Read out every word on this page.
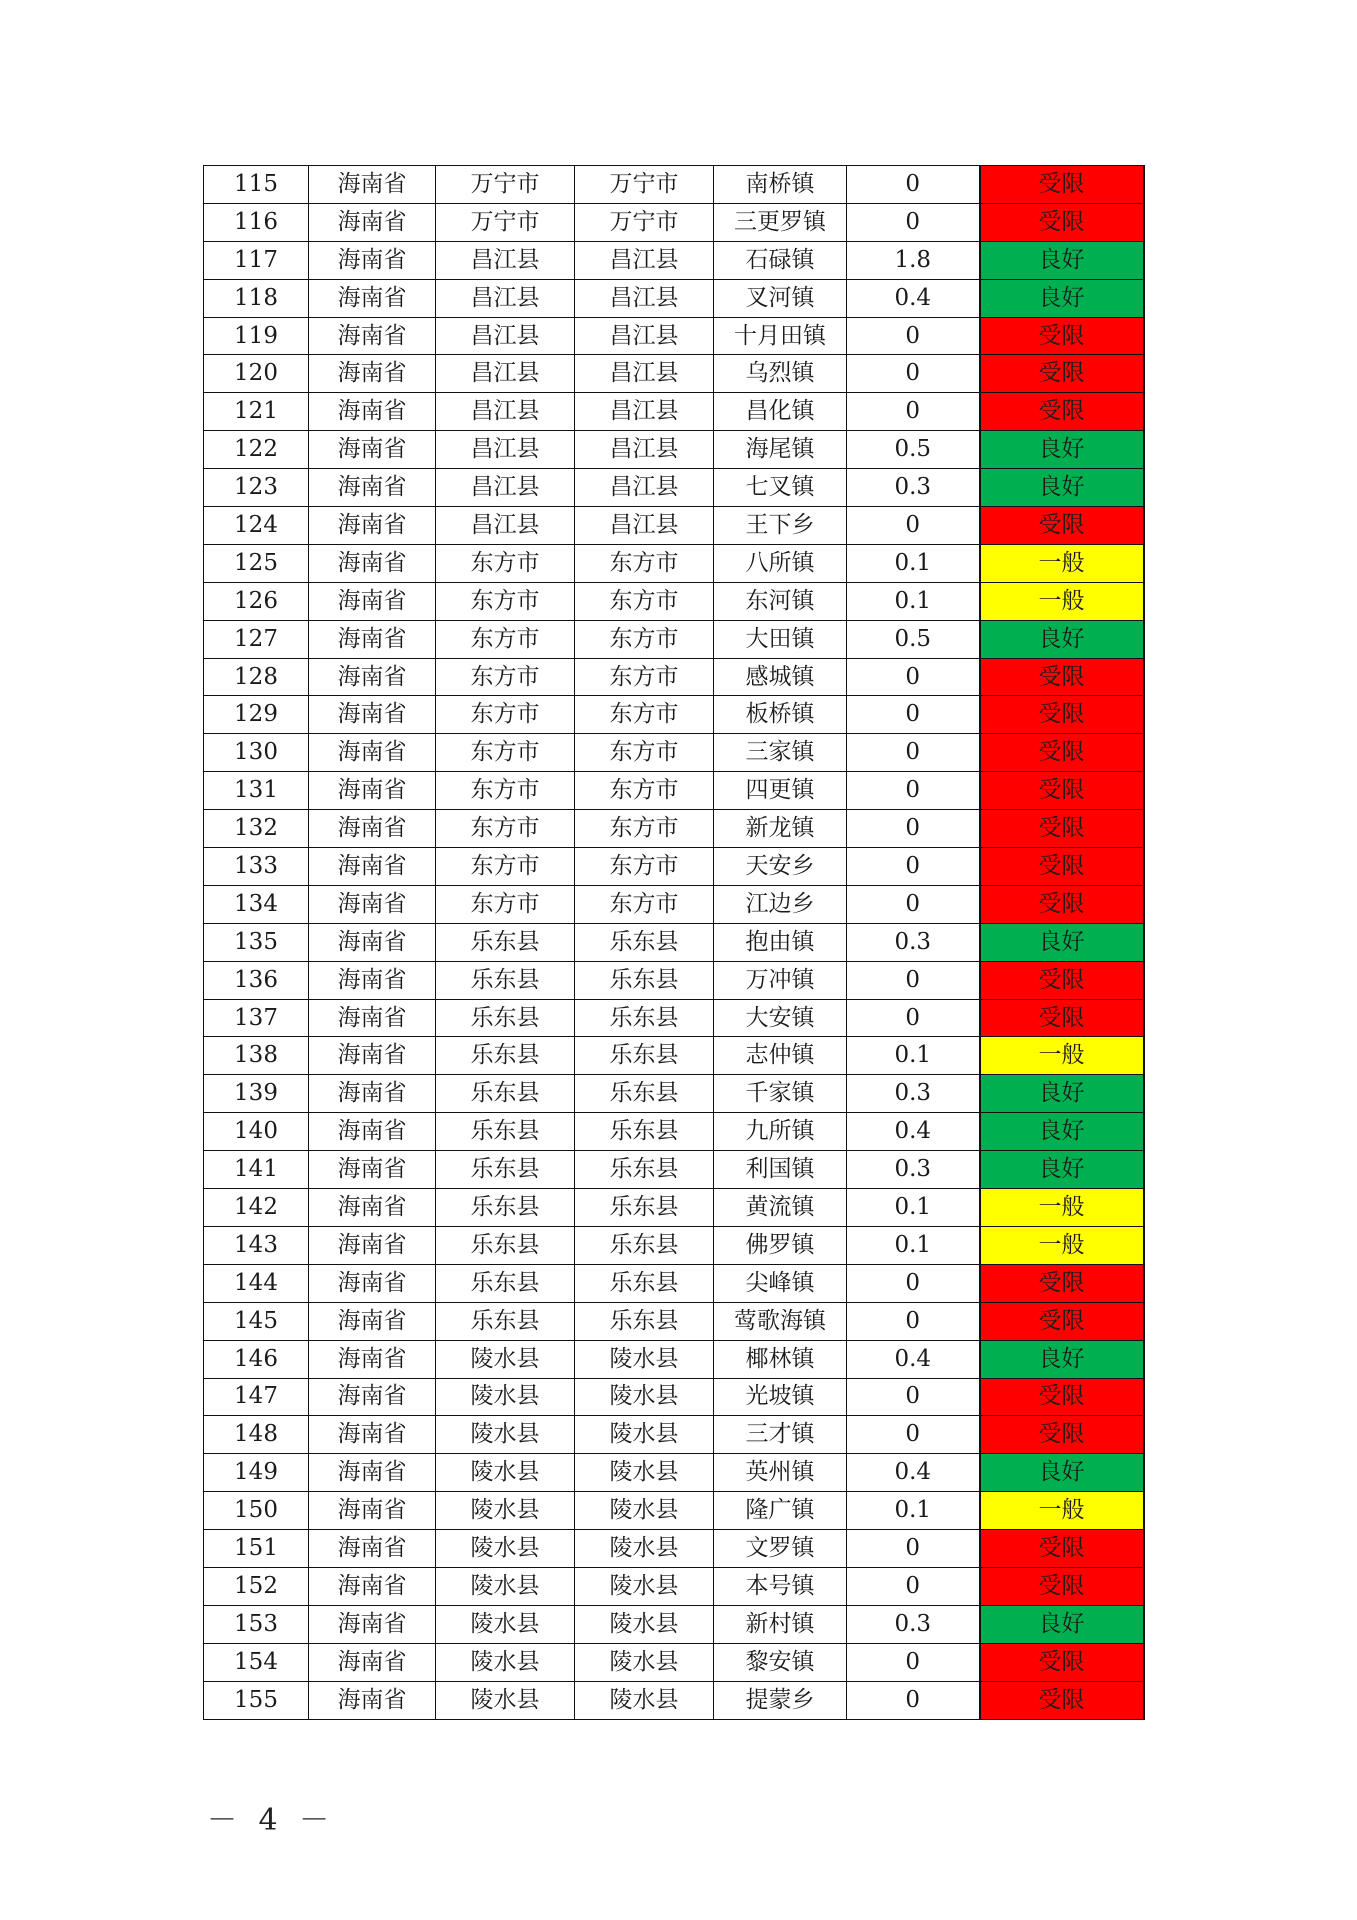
115	海南省	万宁市	万宁市	南桥镇	0	受限
116	海南省	万宁市	万宁市	三更罗镇	0	受限
117	海南省	昌江县	昌江县	石碌镇	1.8	良好
118	海南省	昌江县	昌江县	叉河镇	0.4	良好
119	海南省	昌江县	昌江县	十月田镇	0	受限
120	海南省	昌江县	昌江县	乌烈镇	0	受限
121	海南省	昌江县	昌江县	昌化镇	0	受限
122	海南省	昌江县	昌江县	海尾镇	0.5	良好
123	海南省	昌江县	昌江县	七叉镇	0.3	良好
124	海南省	昌江县	昌江县	王下乡	0	受限
125	海南省	东方市	东方市	八所镇	0.1	一般
126	海南省	东方市	东方市	东河镇	0.1	一般
127	海南省	东方市	东方市	大田镇	0.5	良好
128	海南省	东方市	东方市	感城镇	0	受限
129	海南省	东方市	东方市	板桥镇	0	受限
130	海南省	东方市	东方市	三家镇	0	受限
131	海南省	东方市	东方市	四更镇	0	受限
132	海南省	东方市	东方市	新龙镇	0	受限
133	海南省	东方市	东方市	天安乡	0	受限
134	海南省	东方市	东方市	江边乡	0	受限
135	海南省	乐东县	乐东县	抱由镇	0.3	良好
136	海南省	乐东县	乐东县	万冲镇	0	受限
137	海南省	乐东县	乐东县	大安镇	0	受限
138	海南省	乐东县	乐东县	志仲镇	0.1	一般
139	海南省	乐东县	乐东县	千家镇	0.3	良好
140	海南省	乐东县	乐东县	九所镇	0.4	良好
141	海南省	乐东县	乐东县	利国镇	0.3	良好
142	海南省	乐东县	乐东县	黄流镇	0.1	一般
143	海南省	乐东县	乐东县	佛罗镇	0.1	一般
144	海南省	乐东县	乐东县	尖峰镇	0	受限
145	海南省	乐东县	乐东县	莺歌海镇	0	受限
146	海南省	陵水县	陵水县	椰林镇	0.4	良好
147	海南省	陵水县	陵水县	光坡镇	0	受限
148	海南省	陵水县	陵水县	三才镇	0	受限
149	海南省	陵水县	陵水县	英州镇	0.4	良好
150	海南省	陵水县	陵水县	隆广镇	0.1	一般
151	海南省	陵水县	陵水县	文罗镇	0	受限
152	海南省	陵水县	陵水县	本号镇	0	受限
153	海南省	陵水县	陵水县	新村镇	0.3	良好
154	海南省	陵水县	陵水县	黎安镇	0	受限
155	海南省	陵水县	陵水县	提蒙乡	0	受限
－ 4 －
